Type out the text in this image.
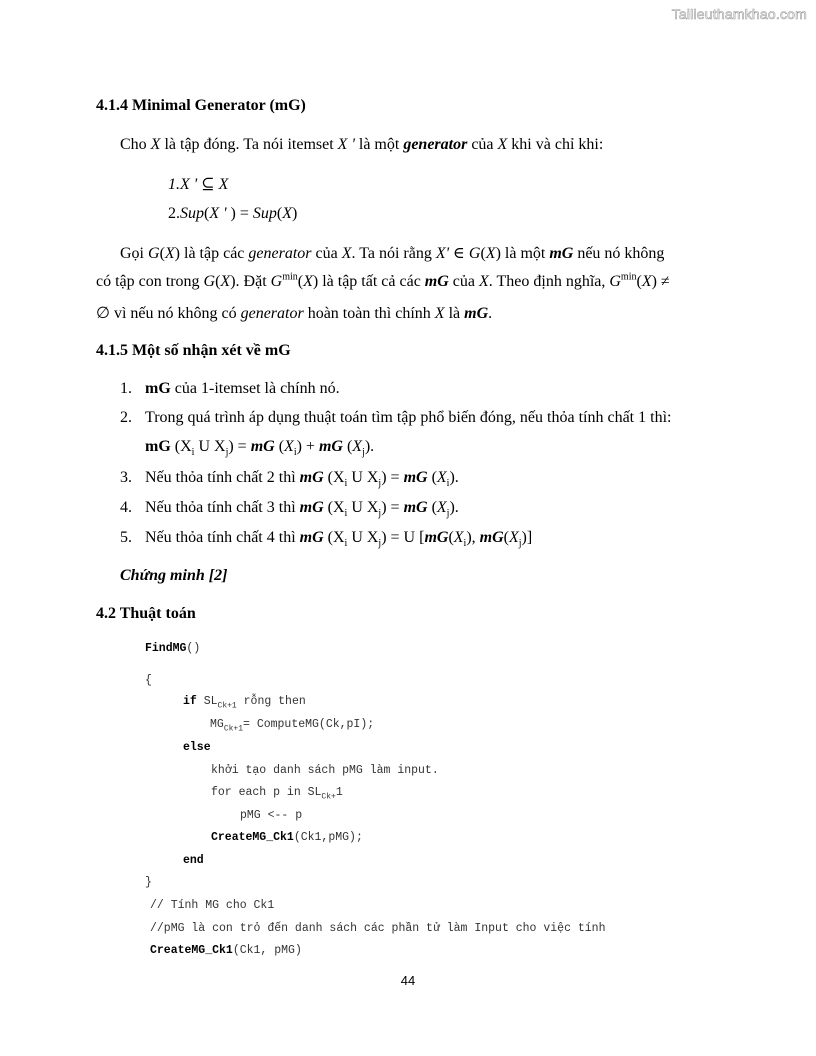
Tailieuthamkhao.com
4.1.4 Minimal Generator (mG)
Cho X là tập đóng. Ta nói itemset X ' là một generator của X khi và chỉ khi:
1.X ' ⊆ X
2.Sup(X ' ) = Sup(X)
Gọi G(X) là tập các generator của X. Ta nói rằng X' ∈ G(X) là một mG nếu nó không
có tập con trong G(X). Đặt $G^{min}(X)$ là tập tất cả các mG của X. Theo định nghĩa, $G^{min}(X)$ ≠
∅ vì nếu nó không có generator hoàn toàn thì chính X là mG.
4.1.5 Một số nhận xét về mG
1. mG của 1-itemset là chính nó.
2. Trong quá trình áp dụng thuật toán tìm tập phổ biến đóng, nếu thỏa tính chất 1 thì:
mG ($X_i$ U $X_j$) = mG $(X_i)$ + mG $(X_j)$.
3. Nếu thỏa tính chất 2 thì mG ($X_i$ U $X_j$) = mG $(X_i)$.
4. Nếu thỏa tính chất 3 thì mG ($X_i$ U $X_j$) = mG $(X_j)$.
5. Nếu thỏa tính chất 4 thì mG ($X_i$ U $X_j) = U$ [$mG(X_i)$, $mG(X_j)$]
Chứng minh [2]
4.2 Thuật toán
FindMG()
{
if $SL_{Ck+1}$ rỗng then
$MG_{Ck+1}=$ ComputeMG(Ck,pI);
else
khởi tạo danh sách pMG làm input.
for each p in $SL_{Ck+}1$
pMG <-- p
CreateMG_Ck1(Ck1,pMG);
end
}
// Tính MG cho Ck1
//pMG là con trỏ đến danh sách các phần tử làm Input cho việc tính
CreateMG_Ck1(Ck1, pMG)
44
